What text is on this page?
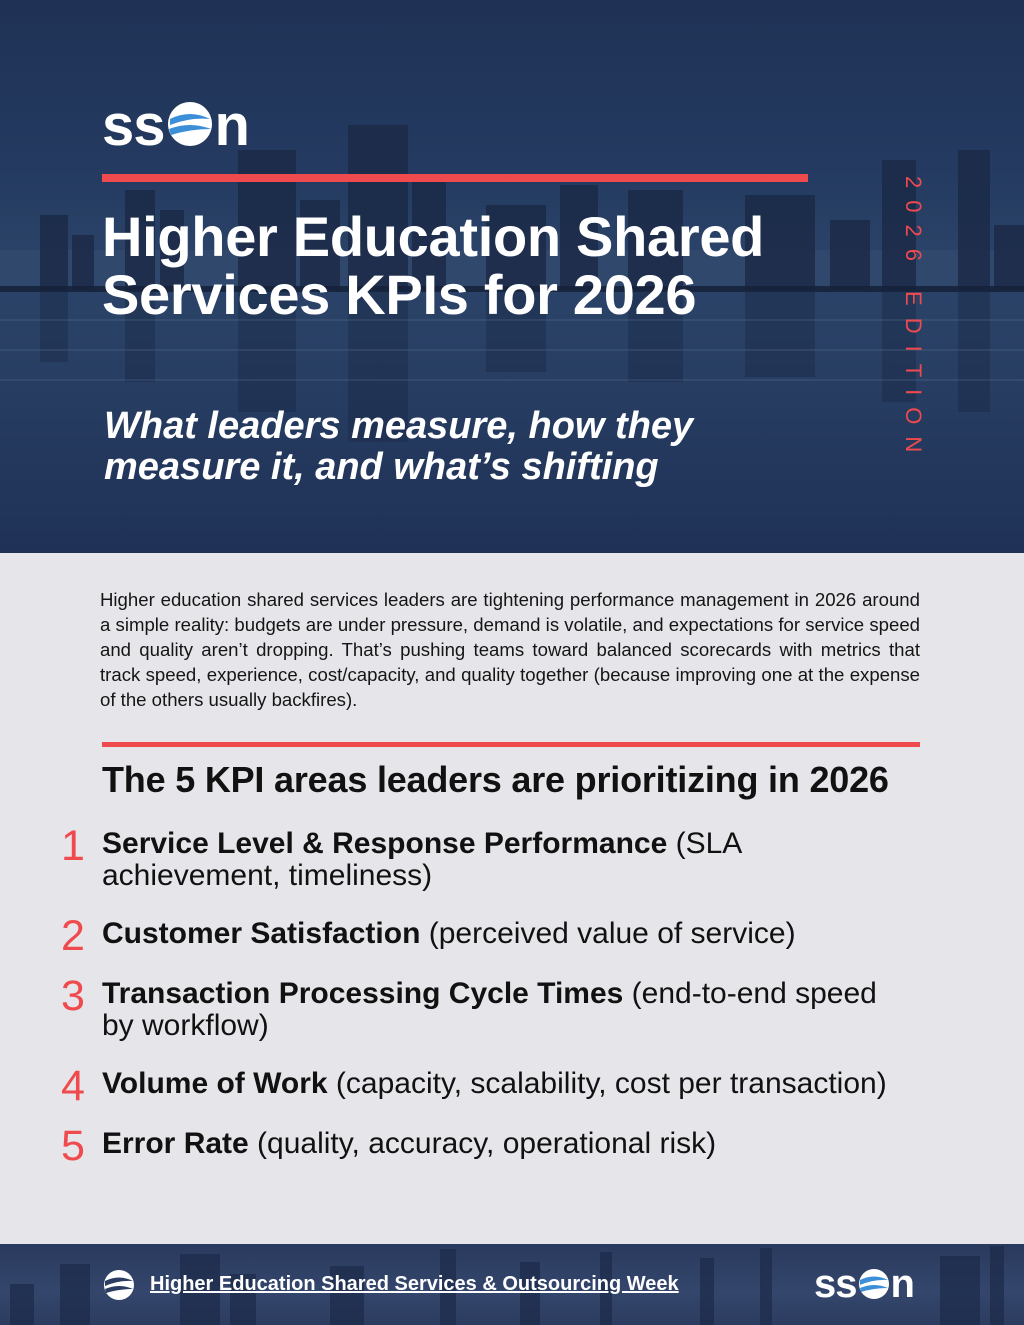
ss n
Higher Education Shared
Services KPIs for 2026
What leaders measure, how they
measure it, and what’s shifting
2026 EDITION

Higher education shared services leaders are tightening performance management in 2026 around a simple reality: budgets are under pressure, demand is volatile, and expectations for service speed and quality aren’t dropping. That’s pushing teams toward balanced scorecards with metrics that track speed, experience, cost/capacity, and quality together (because improving one at the expense of the others usually backfires).

The 5 KPI areas leaders are prioritizing in 2026
1 Service Level & Response Performance (SLA achievement, timeliness)
2 Customer Satisfaction (perceived value of service)
3 Transaction Processing Cycle Times (end-to-end speed by workflow)
4 Volume of Work (capacity, scalability, cost per transaction)
5 Error Rate (quality, accuracy, operational risk)
Higher Education Shared Services & Outsourcing Week	ss n
